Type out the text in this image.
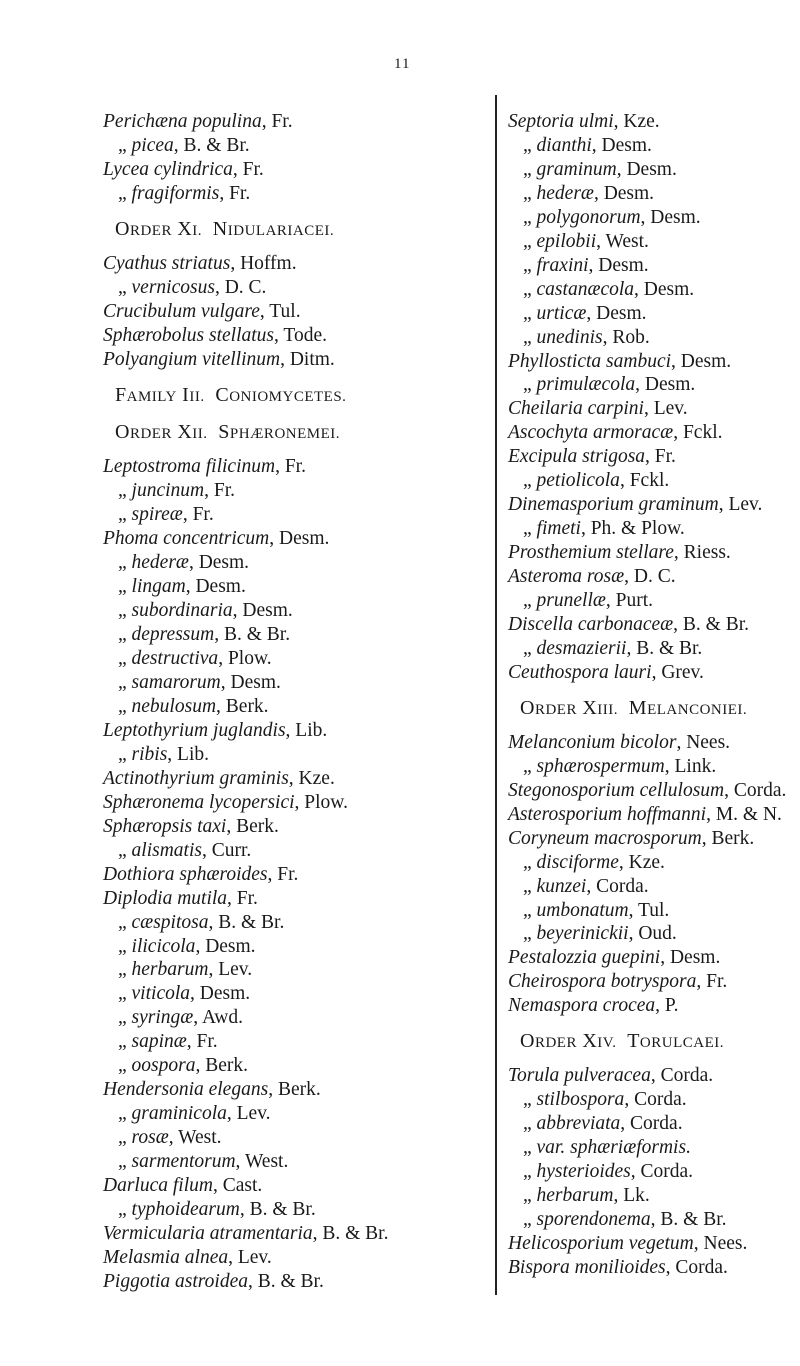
11
Perichæna populina, Fr.
„ picea, B. & Br.
Lycea cylindrica, Fr.
„ fragiformis, Fr.
ORDER XI. NIDULARIACEI.
Cyathus striatus, Hoffm.
„ vernicosus, D. C.
Crucibulum vulgare, Tul.
Sphærobolus stellatus, Tode.
Polyangium vitellinum, Ditm.
FAMILY III. CONIOMYCETES.
ORDER XII. SPHÆRONEMEI.
Leptostroma filicinum, Fr.
„ juncinum, Fr.
„ spireæ, Fr.
Phoma concentricum, Desm.
„ hederæ, Desm.
„ lingam, Desm.
„ subordinaria, Desm.
„ depressum, B. & Br.
„ destructiva, Plow.
„ samarorum, Desm.
„ nebulosum, Berk.
Leptothyrium juglandis, Lib.
„ ribis, Lib.
Actinothyrium graminis, Kze.
Sphæronema lycopersici, Plow.
Sphæropsis taxi, Berk.
„ alismatis, Curr.
Dothiora sphæroides, Fr.
Diplodia mutila, Fr.
„ cæspitosa, B. & Br.
„ ilicicola, Desm.
„ herbarum, Lev.
„ viticola, Desm.
„ syringæ, Awd.
„ sapinæ, Fr.
„ oospora, Berk.
Hendersonia elegans, Berk.
„ graminicola, Lev.
„ rosæ, West.
„ sarmentorum, West.
Darluca filum, Cast.
„ typhoidearum, B. & Br.
Vermicularia atramentaria, B. & Br.
Melasmia alnea, Lev.
Piggotia astroidea, B. & Br.
Septoria ulmi, Kze.
„ dianthi, Desm.
„ graminum, Desm.
„ hederæ, Desm.
„ polygonorum, Desm.
„ epilobii, West.
„ fraxini, Desm.
„ castanæcola, Desm.
„ urticæ, Desm.
„ unedinis, Rob.
Phyllosticta sambuci, Desm.
„ primulæcola, Desm.
Cheilaria carpini, Lev.
Ascochyta armoracæ, Fckl.
Excipula strigosa, Fr.
„ petiolicola, Fckl.
Dinemasporium graminum, Lev.
„ fimeti, Ph. & Plow.
Prosthemium stellare, Riess.
Asteroma rosæ, D. C.
„ prunellæ, Purt.
Discella carbonaceæ, B. & Br.
„ desmazierii, B. & Br.
Ceuthospora lauri, Grev.
ORDER XIII. MELANCONIEI.
Melanconium bicolor, Nees.
„ sphærospermum, Link.
Stegonosporium cellulosum, Corda.
Asterosporium hoffmanni, M. & N.
Coryneum macrosporum, Berk.
„ disciforme, Kze.
„ kunzei, Corda.
„ umbonatum, Tul.
„ beyerinickii, Oud.
Pestalozzia guepini, Desm.
Cheirospora botryspora, Fr.
Nemaspora crocea, P.
ORDER XIV. TORULCAEI.
Torula pulveracea, Corda.
„ stilbospora, Corda.
„ abbreviata, Corda.
„ var. sphæriæformis.
„ hysterioides, Corda.
„ herbarum, Lk.
„ sporendonema, B. & Br.
Helicosporium vegetum, Nees.
Bispora monilioides, Corda.
